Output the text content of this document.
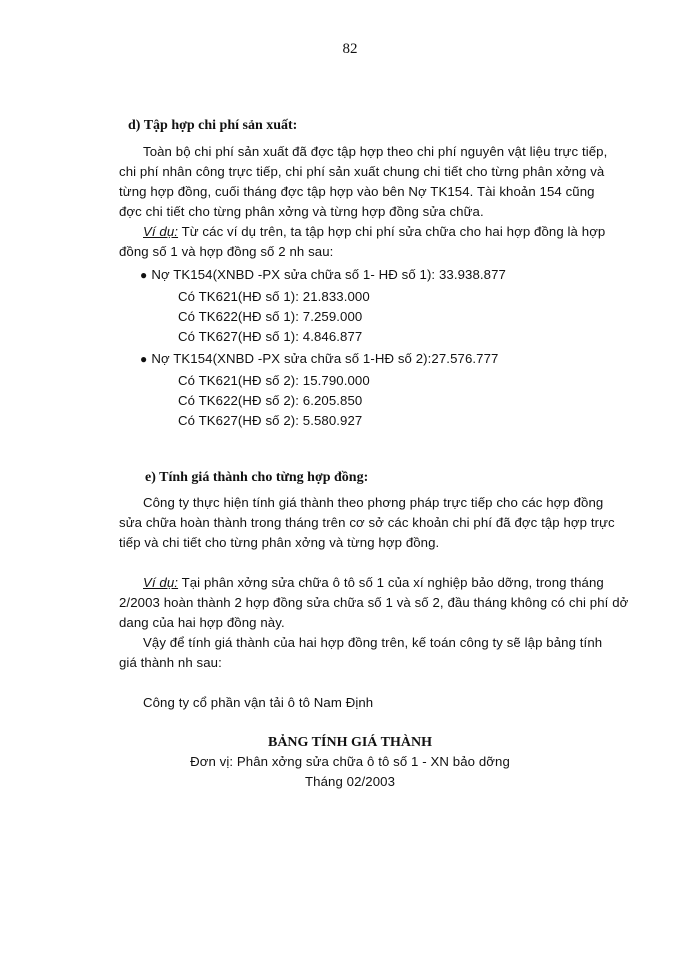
82
d) Tập hợp chi phí sản xuất:
Toàn bộ chi phí sản xuất đã đợc tập hợp theo chi phí nguyên vật liệu trực tiếp,
chi phí nhân công trực tiếp, chi phí sản xuất chung chi tiết cho từng phân xởng và
từng hợp đồng, cuối tháng đợc tập hợp vào bên Nợ TK154. Tài khoản 154 cũng
đợc chi tiết cho từng phân xởng và từng hợp đồng sửa chữa.
Ví dụ: Từ các ví dụ trên, ta tập hợp chi phí sửa chữa cho hai hợp đồng là hợp
đồng số 1 và hợp đồng số 2 nh sau:
● Nợ TK154(XNBD -PX sửa chữa số 1- HĐ số 1): 33.938.877
Có TK621(HĐ số 1): 21.833.000
Có TK622(HĐ số 1): 7.259.000
Có TK627(HĐ số 1): 4.846.877
● Nợ TK154(XNBD -PX sửa chữa số 1-HĐ số 2):27.576.777
Có TK621(HĐ số 2): 15.790.000
Có TK622(HĐ số 2): 6.205.850
Có TK627(HĐ số 2): 5.580.927
e) Tính giá thành cho từng hợp đồng:
Công ty thực hiện tính giá thành theo phơng pháp trực tiếp cho các hợp đồng
sửa chữa hoàn thành trong tháng trên cơ sở các khoản chi phí đã đợc tập hợp trực
tiếp và chi tiết cho từng phân xởng và từng hợp đồng.
Ví dụ: Tại phân xởng sửa chữa ô tô số 1 của xí nghiệp bảo dỡng, trong tháng
2/2003 hoàn thành 2 hợp đồng sửa chữa số 1 và số 2, đầu tháng không có chi phí dở
dang của hai hợp đồng này.
Vậy để tính giá thành của hai hợp đồng trên, kế toán công ty sẽ lập bảng tính
giá thành nh sau:
Công ty cổ phần vận tải ô tô Nam Định
BẢNG TÍNH GIÁ THÀNH
Đơn vị: Phân xởng sửa chữa ô tô số 1 - XN bảo dỡng
Tháng 02/2003
